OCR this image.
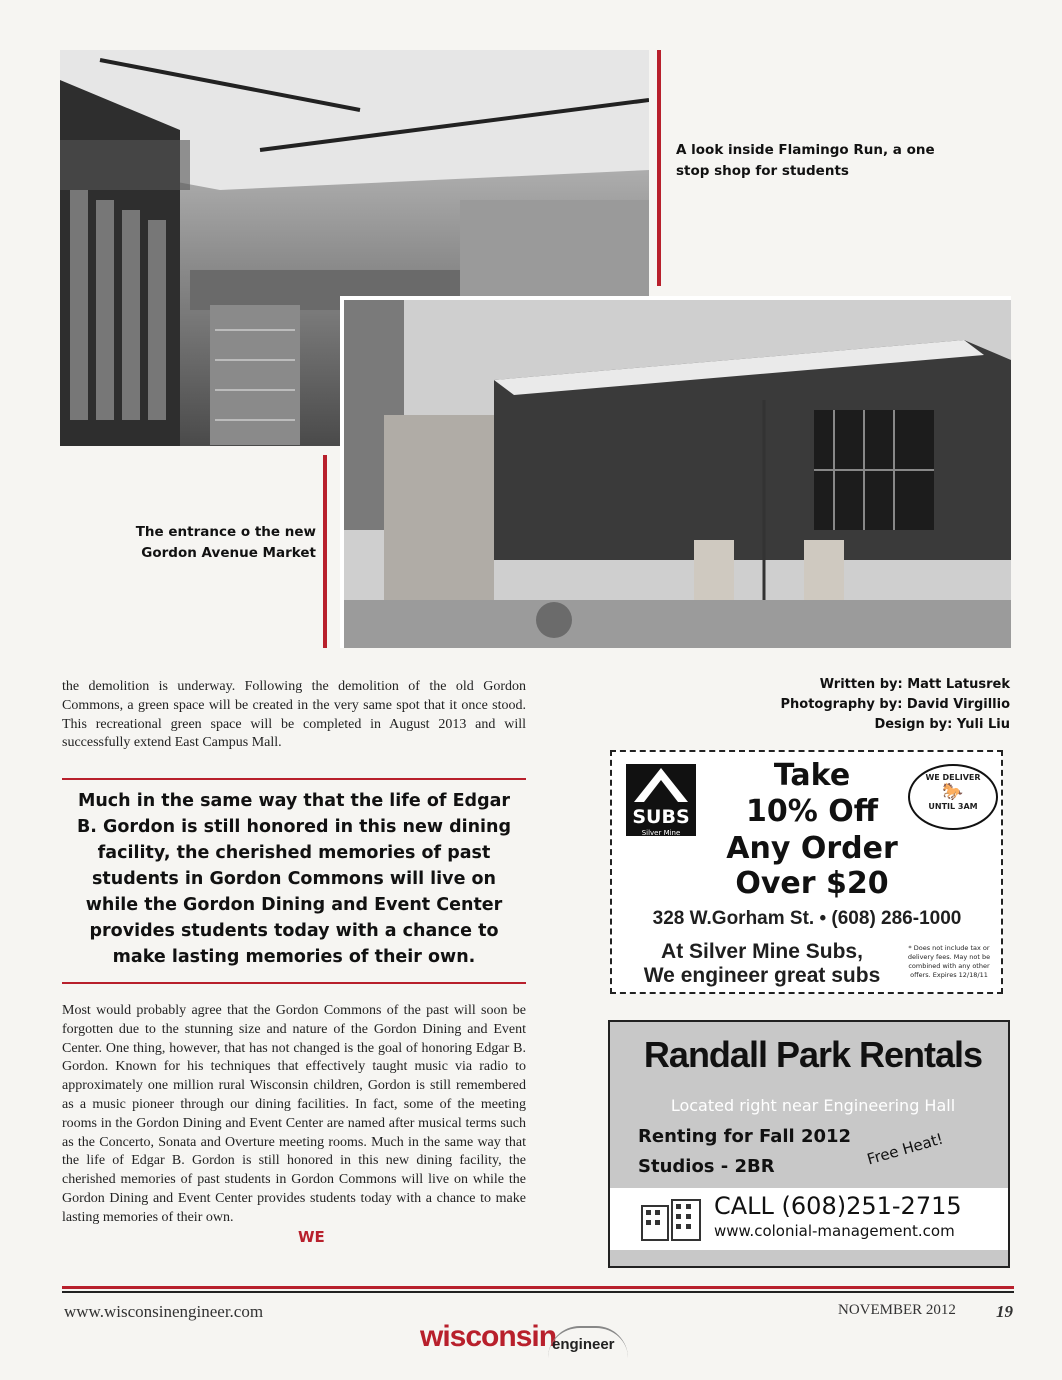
A look inside Flamingo Run, a one stop shop for students
The entrance o the new Gordon Avenue Market
the demolition is underway. Following the demolition of the old Gordon Commons, a green space will be created in the very same spot that it once stood. This recreational green space will be completed in August 2013 and will successfully extend East Campus Mall.
Much in the same way that the life of Edgar B. Gordon is still honored in this new dining facility, the cherished memories of past students in Gordon Commons will live on while the Gordon Dining and Event Center provides students today with a chance to make lasting memories of their own.
Most would probably agree that the Gordon Commons of the past will soon be forgotten due to the stunning size and nature of the Gordon Dining and Event Center. One thing, however, that has not changed is the goal of honoring Edgar B. Gordon. Known for his techniques that effectively taught music via radio to approximately one million rural Wisconsin children, Gordon is still remembered as a music pioneer through our dining facilities. In fact, some of the meeting rooms in the Gordon Dining and Event Center are named after musical terms such as the Concerto, Sonata and Overture meeting rooms. Much in the same way that the life of Edgar B. Gordon is still honored in this new dining facility, the cherished memories of past students in Gordon Commons will live on while the Gordon Dining and Event Center provides students today with a chance to make lasting memories of their own.
WE
Written by: Matt Latusrek
Photography by: David Virgillio
Design by: Yuli Liu
SUBS
Silver Mine
Take
10% Off
Any Order
Over $20
WE DELIVER
🐎
UNTIL 3AM
328 W.Gorham St. • (608) 286-1000
At Silver Mine Subs,
We engineer great subs
* Does not include tax or delivery fees. May not be combined with any other offers. Expires 12/18/11
Randall Park Rentals
Located right near Engineering Hall
Renting for Fall 2012
Studios - 2BR	Free Heat!
CALL (608)251-2715
www.colonial-management.com
www.wisconsinengineer.com	NOVEMBER 2012 19
wisconsin
engineer
